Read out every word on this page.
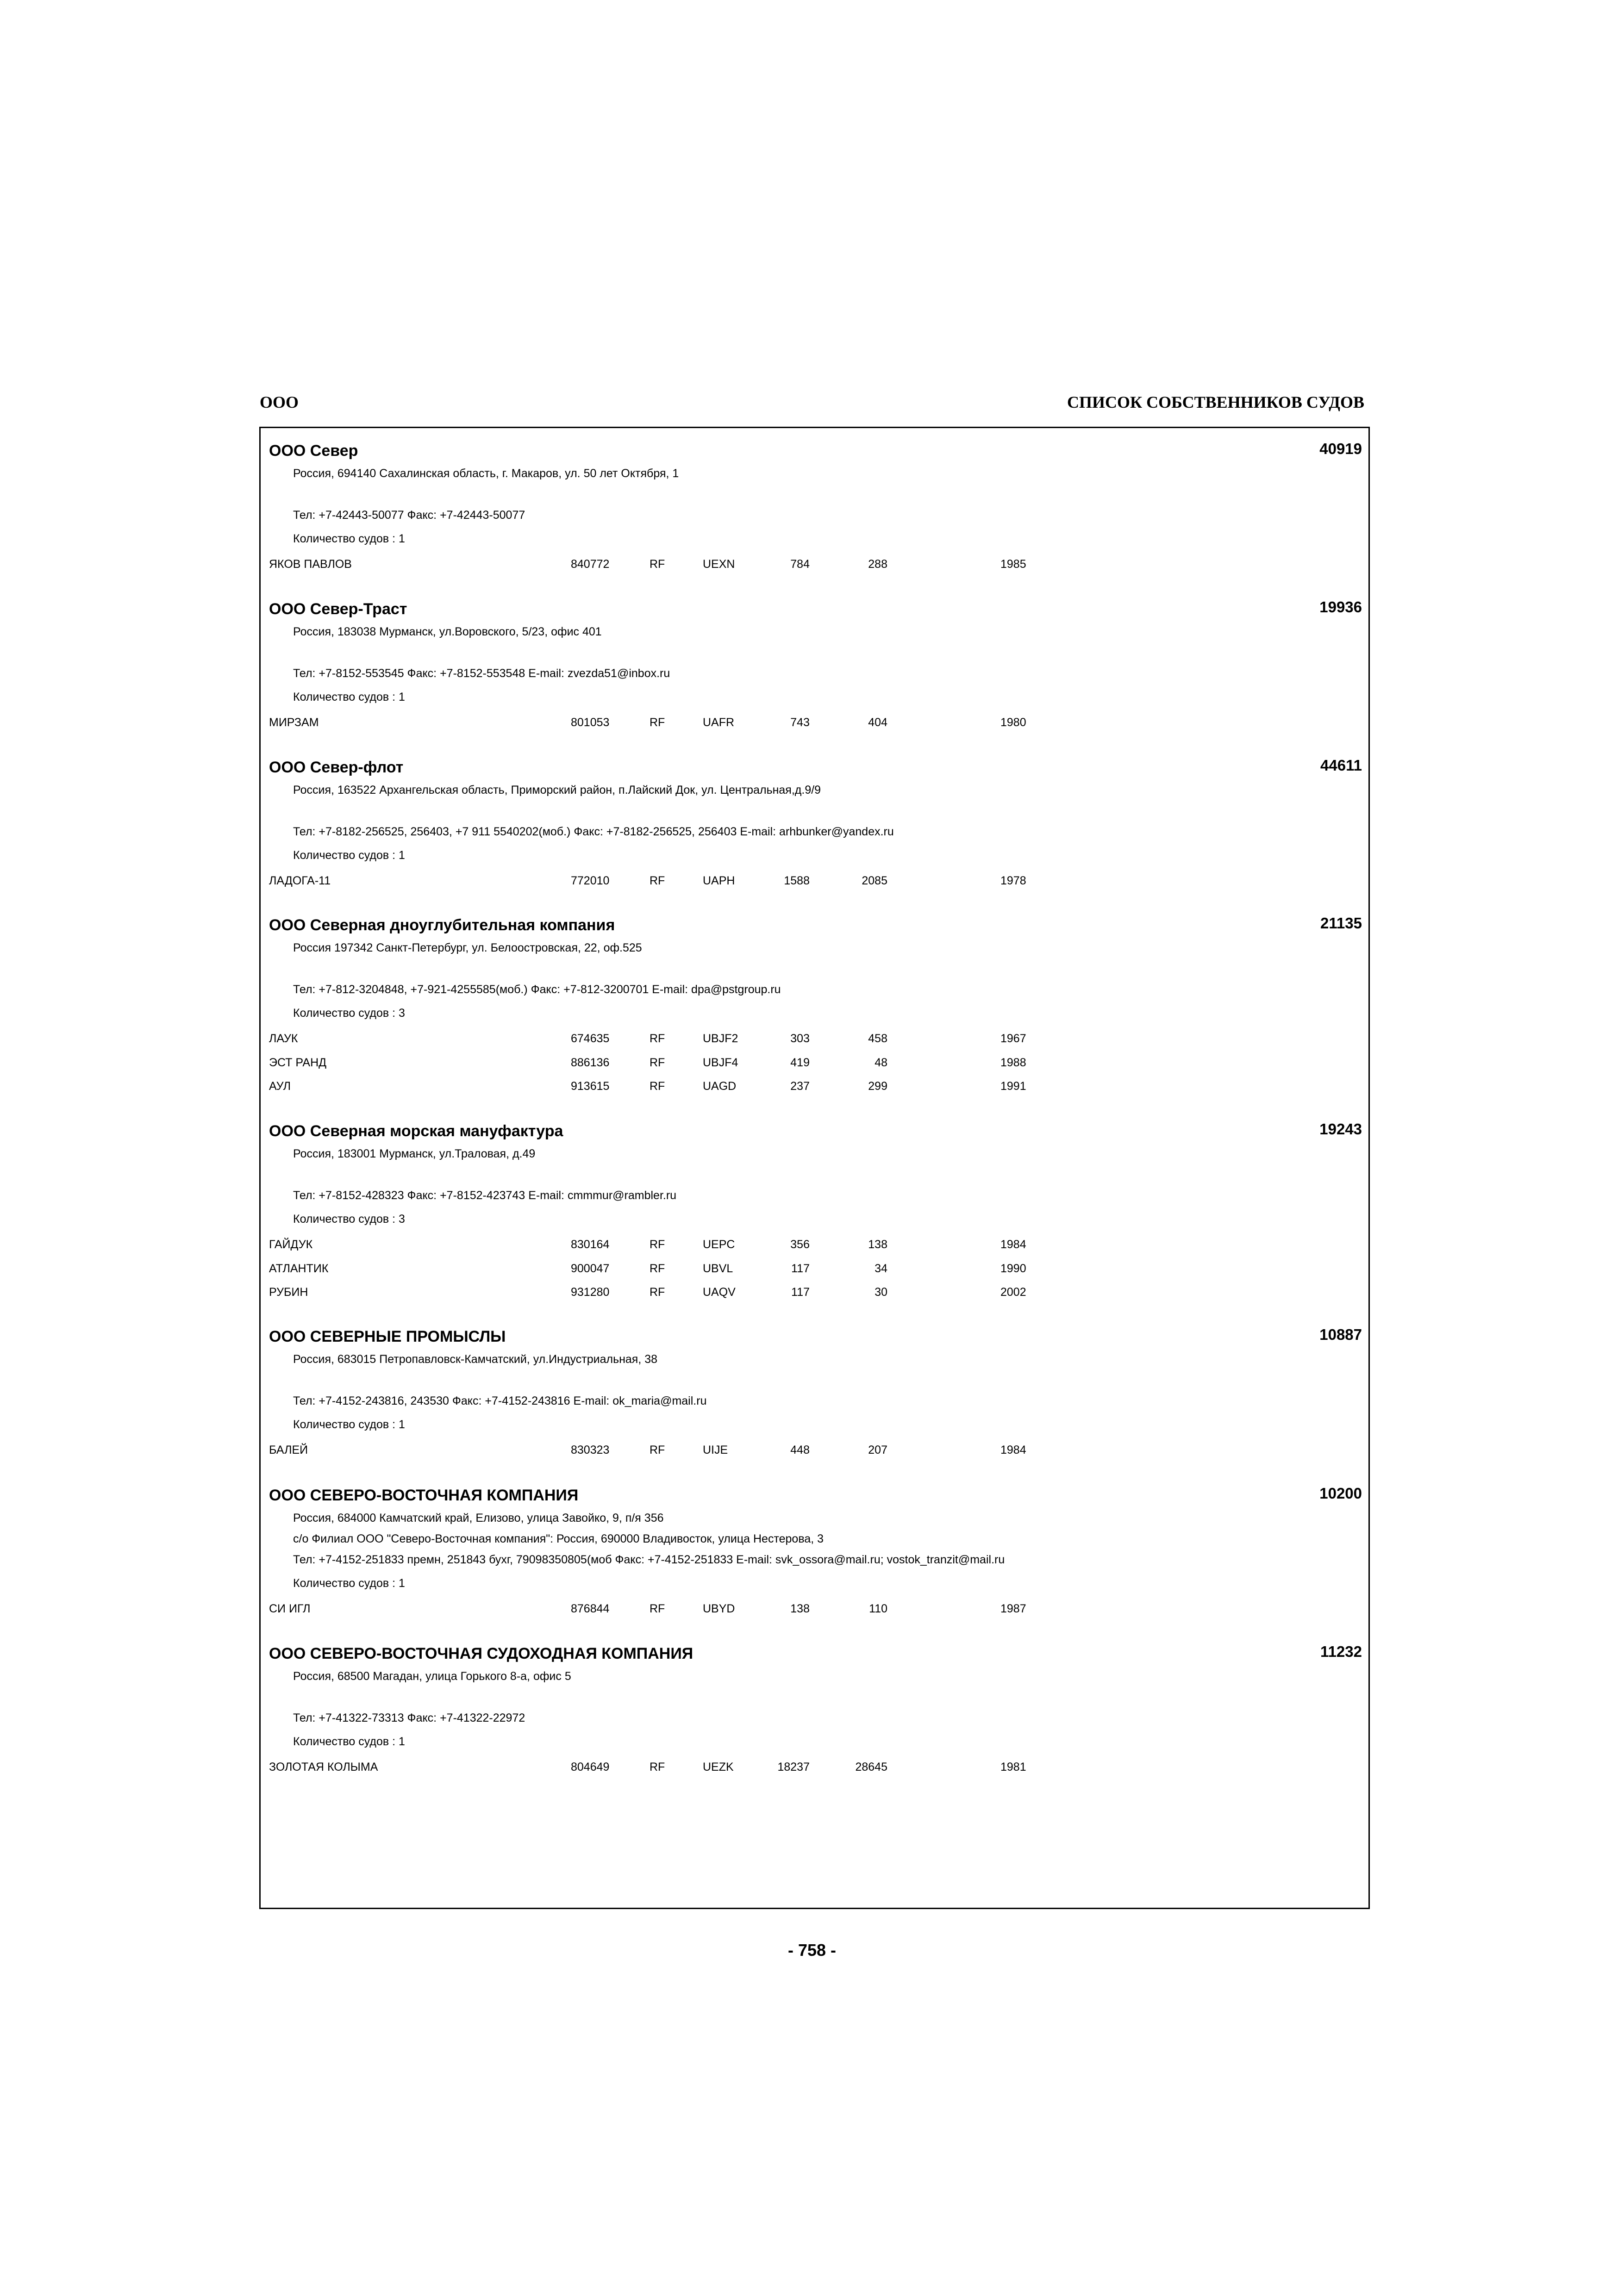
ООО	СПИСОК СОБСТВЕННИКОВ СУДОВ
ООО Север	40919
Россия, 694140 Сахалинская область, г. Макаров, ул. 50 лет Октября, 1
Тел: +7-42443-50077 Факс: +7-42443-50077
Количество судов : 1
ЯКОВ ПАВЛОВ	840772	RF	UEXN	784	288	1985
ООО Север-Траст	19936
Россия, 183038 Мурманск, ул.Воровского, 5/23, офис 401
Тел: +7-8152-553545 Факс: +7-8152-553548 E-mail: zvezda51@inbox.ru
Количество судов : 1
МИРЗАМ	801053	RF	UAFR	743	404	1980
ООО Север-флот	44611
Россия, 163522 Архангельская область, Приморский район, п.Лайский Док, ул. Центральная,д.9/9
Тел: +7-8182-256525, 256403, +7 911 5540202(моб.) Факс: +7-8182-256525, 256403 E-mail: arhbunker@yandex.ru
Количество судов : 1
ЛАДОГА-11	772010	RF	UAPH	1588	2085	1978
ООО Северная дноуглубительная компания	21135
Россия 197342 Санкт-Петербург, ул. Белоостровская, 22, оф.525
Тел: +7-812-3204848, +7-921-4255585(моб.) Факс: +7-812-3200701 E-mail: dpa@pstgroup.ru
Количество судов : 3
ЛАУК	674635	RF	UBJF2	303	458	1967
ЭСТ РАНД	886136	RF	UBJF4	419	48	1988
АУЛ	913615	RF	UAGD	237	299	1991
ООО Северная морская мануфактура	19243
Россия, 183001 Мурманск, ул.Траловая, д.49
Тел: +7-8152-428323 Факс: +7-8152-423743 E-mail: cmmmur@rambler.ru
Количество судов : 3
ГАЙДУК	830164	RF	UEPC	356	138	1984
АТЛАНТИК	900047	RF	UBVL	117	34	1990
РУБИН	931280	RF	UAQV	117	30	2002
ООО СЕВЕРНЫЕ ПРОМЫСЛЫ	10887
Россия, 683015 Петропавловск-Камчатский, ул.Индустриальная, 38
Тел: +7-4152-243816, 243530 Факс: +7-4152-243816 E-mail: ok_maria@mail.ru
Количество судов : 1
БАЛЕЙ	830323	RF	UIJE	448	207	1984
ООО СЕВЕРО-ВОСТОЧНАЯ КОМПАНИЯ	10200
Россия, 684000 Камчатский край, Елизово, улица Завойко, 9, п/я 356
c/o Филиал ООО "Северо-Восточная компания": Россия, 690000 Владивосток, улица Нестерова, 3
Тел: +7-4152-251833 премн, 251843 бухг, 79098350805(моб Факс: +7-4152-251833 E-mail: svk_ossora@mail.ru; vostok_tranzit@mail.ru
Количество судов : 1
СИ ИГЛ	876844	RF	UBYD	138	110	1987
ООО СЕВЕРО-ВОСТОЧНАЯ СУДОХОДНАЯ КОМПАНИЯ	11232
Россия, 68500 Магадан, улица Горького 8-а, офис 5
Тел: +7-41322-73313 Факс: +7-41322-22972
Количество судов : 1
ЗОЛОТАЯ КОЛЫМА	804649	RF	UEZK	18237	28645	1981
- 758 -
